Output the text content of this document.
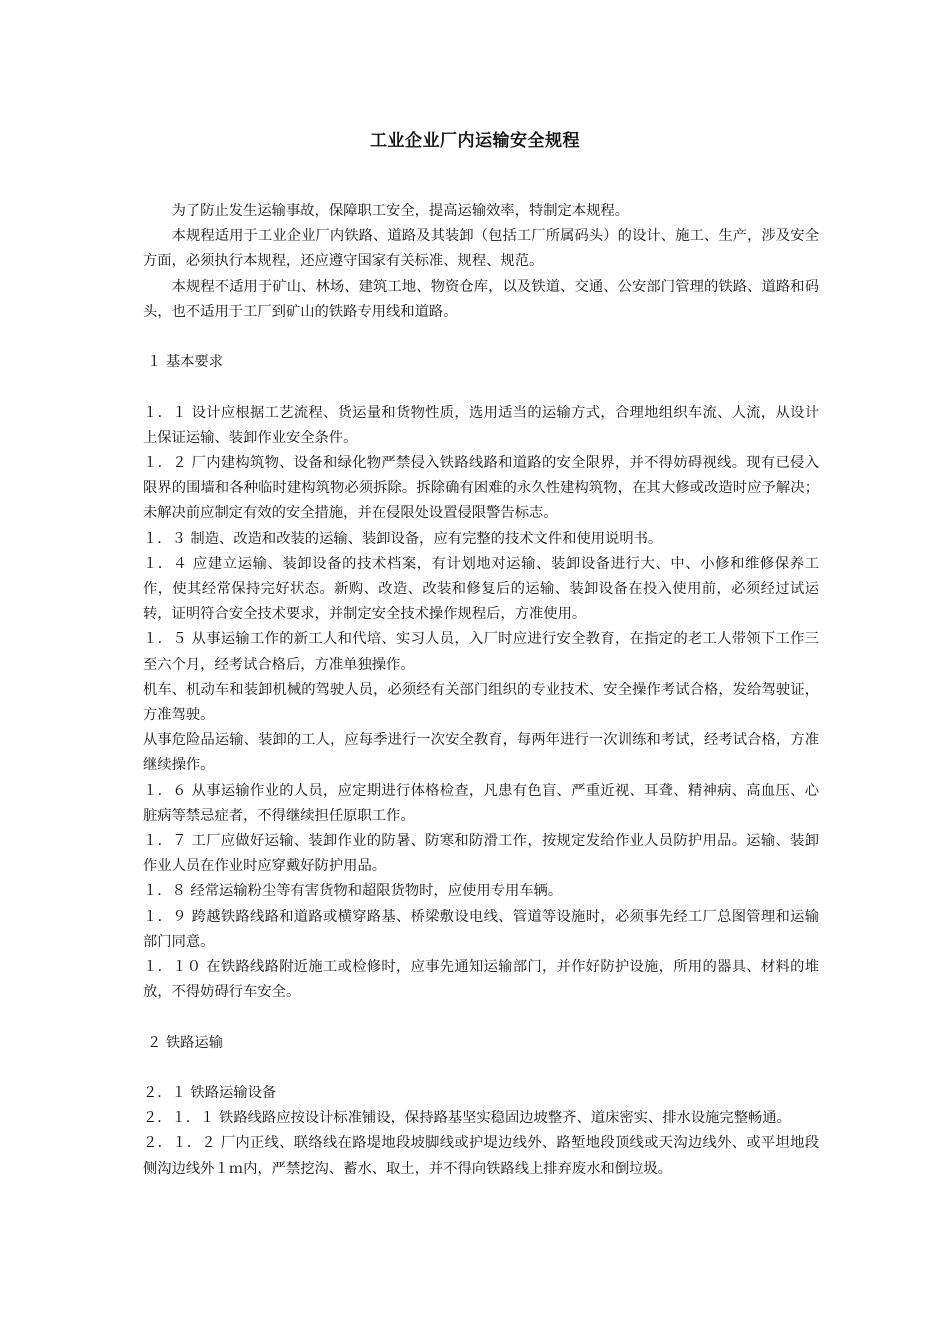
工业企业厂内运输安全规程

为了防止发生运输事故，保障职工安全，提高运输效率，特制定本规程。

本规程适用于工业企业厂内铁路、道路及其装卸（包括工厂所属码头）的设计、施工、生产，涉及安全方面，必须执行本规程，还应遵守国家有关标准、规程、规范。

本规程不适用于矿山、林场、建筑工地、物资仓库，以及铁道、交通、公安部门管理的铁路、道路和码头，也不适用于工厂到矿山的铁路专用线和道路。

１ 基本要求

１．１ 设计应根据工艺流程、货运量和货物性质，选用适当的运输方式，合理地组织车流、人流，从设计上保证运输、装卸作业安全条件。

１．２ 厂内建构筑物、设备和绿化物严禁侵入铁路线路和道路的安全限界，并不得妨碍视线。现有已侵入限界的围墙和各种临时建构筑物必须拆除。拆除确有困难的永久性建构筑物，在其大修或改造时应予解决；未解决前应制定有效的安全措施，并在侵限处设置侵限警告标志。

１．３ 制造、改造和改装的运输、装卸设备，应有完整的技术文件和使用说明书。

１．４ 应建立运输、装卸设备的技术档案，有计划地对运输、装卸设备进行大、中、小修和维修保养工作，使其经常保持完好状态。新购、改造、改装和修复后的运输、装卸设备在投入使用前，必须经过试运转，证明符合安全技术要求，并制定安全技术操作规程后，方准使用。

１．５ 从事运输工作的新工人和代培、实习人员，入厂时应进行安全教育，在指定的老工人带领下工作三至六个月，经考试合格后，方准单独操作。

机车、机动车和装卸机械的驾驶人员，必须经有关部门组织的专业技术、安全操作考试合格，发给驾驶证，方准驾驶。

从事危险品运输、装卸的工人，应每季进行一次安全教育，每两年进行一次训练和考试，经考试合格，方准继续操作。

１．６ 从事运输作业的人员，应定期进行体格检查，凡患有色盲、严重近视、耳聋、精神病、高血压、心脏病等禁忌症者，不得继续担任原职工作。

１．７ 工厂应做好运输、装卸作业的防暑、防寒和防滑工作，按规定发给作业人员防护用品。运输、装卸作业人员在作业时应穿戴好防护用品。

１．８ 经常运输粉尘等有害货物和超限货物时，应使用专用车辆。

１．９ 跨越铁路线路和道路或横穿路基、桥梁敷设电线、管道等设施时，必须事先经工厂总图管理和运输部门同意。

１．１０ 在铁路线路附近施工或检修时，应事先通知运输部门，并作好防护设施，所用的器具、材料的堆放，不得妨碍行车安全。

２ 铁路运输

２．１ 铁路运输设备

２．１．１ 铁路线路应按设计标准铺设，保持路基坚实稳固边坡整齐、道床密实、排水设施完整畅通。

２．１．２ 厂内正线、联络线在路堤地段坡脚线或护堤边线外、路堑地段顶线或天沟边线外、或平坦地段侧沟边线外１ｍ内，严禁挖沟、蓄水、取土，并不得向铁路线上排弃废水和倒垃圾。
